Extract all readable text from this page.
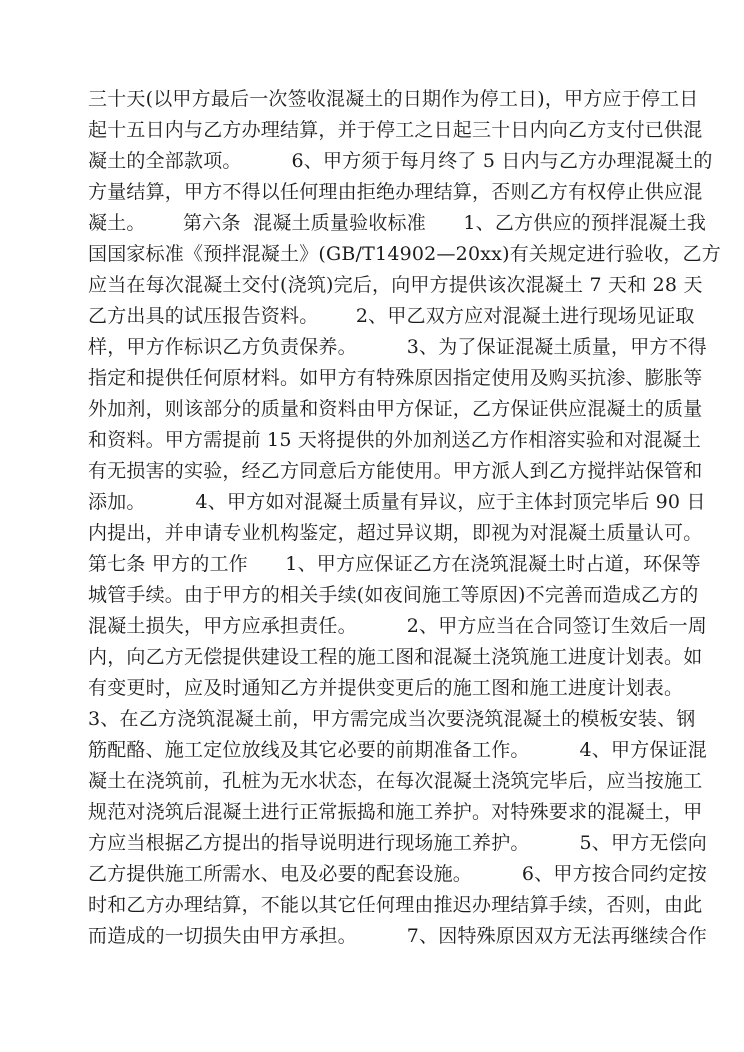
三十天(以甲方最后一次签收混凝土的日期作为停工日)，甲方应于停工日
起十五日内与乙方办理结算，并于停工之日起三十日内向乙方支付已供混
凝土的全部款项。        6、甲方须于每月终了 5 日内与乙方办理混凝土的
方量结算，甲方不得以任何理由拒绝办理结算，否则乙方有权停止供应混
凝土。      第六条  混凝土质量验收标准      1、乙方供应的预拌混凝土我
国国家标准《预拌混凝土》(GB/T14902—20xx)有关规定进行验收，乙方
应当在每次混凝土交付(浇筑)完后，向甲方提供该次混凝土 7 天和 28 天
乙方出具的试压报告资料。      2、甲乙双方应对混凝土进行现场见证取
样，甲方作标识乙方负责保养。        3、为了保证混凝土质量，甲方不得
指定和提供任何原材料。如甲方有特殊原因指定使用及购买抗渗、膨胀等
外加剂，则该部分的质量和资料由甲方保证，乙方保证供应混凝土的质量
和资料。甲方需提前 15 天将提供的外加剂送乙方作相溶实验和对混凝土
有无损害的实验，经乙方同意后方能使用。甲方派人到乙方搅拌站保管和
添加。        4、甲方如对混凝土质量有异议，应于主体封顶完毕后 90 日
内提出，并申请专业机构鉴定，超过异议期，即视为对混凝土质量认可。
第七条 甲方的工作      1、甲方应保证乙方在浇筑混凝土时占道，环保等
城管手续。由于甲方的相关手续(如夜间施工等原因)不完善而造成乙方的
混凝土损失，甲方应承担责任。        2、甲方应当在合同签订生效后一周
内，向乙方无偿提供建设工程的施工图和混凝土浇筑施工进度计划表。如
有变更时，应及时通知乙方并提供变更后的施工图和施工进度计划表。
3、在乙方浇筑混凝土前，甲方需完成当次要浇筑混凝土的模板安装、钢
筋配酪、施工定位放线及其它必要的前期准备工作。        4、甲方保证混
凝土在浇筑前，孔桩为无水状态，在每次混凝土浇筑完毕后，应当按施工
规范对浇筑后混凝土进行正常振捣和施工养护。对特殊要求的混凝土，甲
方应当根据乙方提出的指导说明进行现场施工养护。        5、甲方无偿向
乙方提供施工所需水、电及必要的配套设施。        6、甲方按合同约定按
时和乙方办理结算，不能以其它任何理由推迟办理结算手续，否则，由此
而造成的一切损失由甲方承担。        7、因特殊原因双方无法再继续合作
